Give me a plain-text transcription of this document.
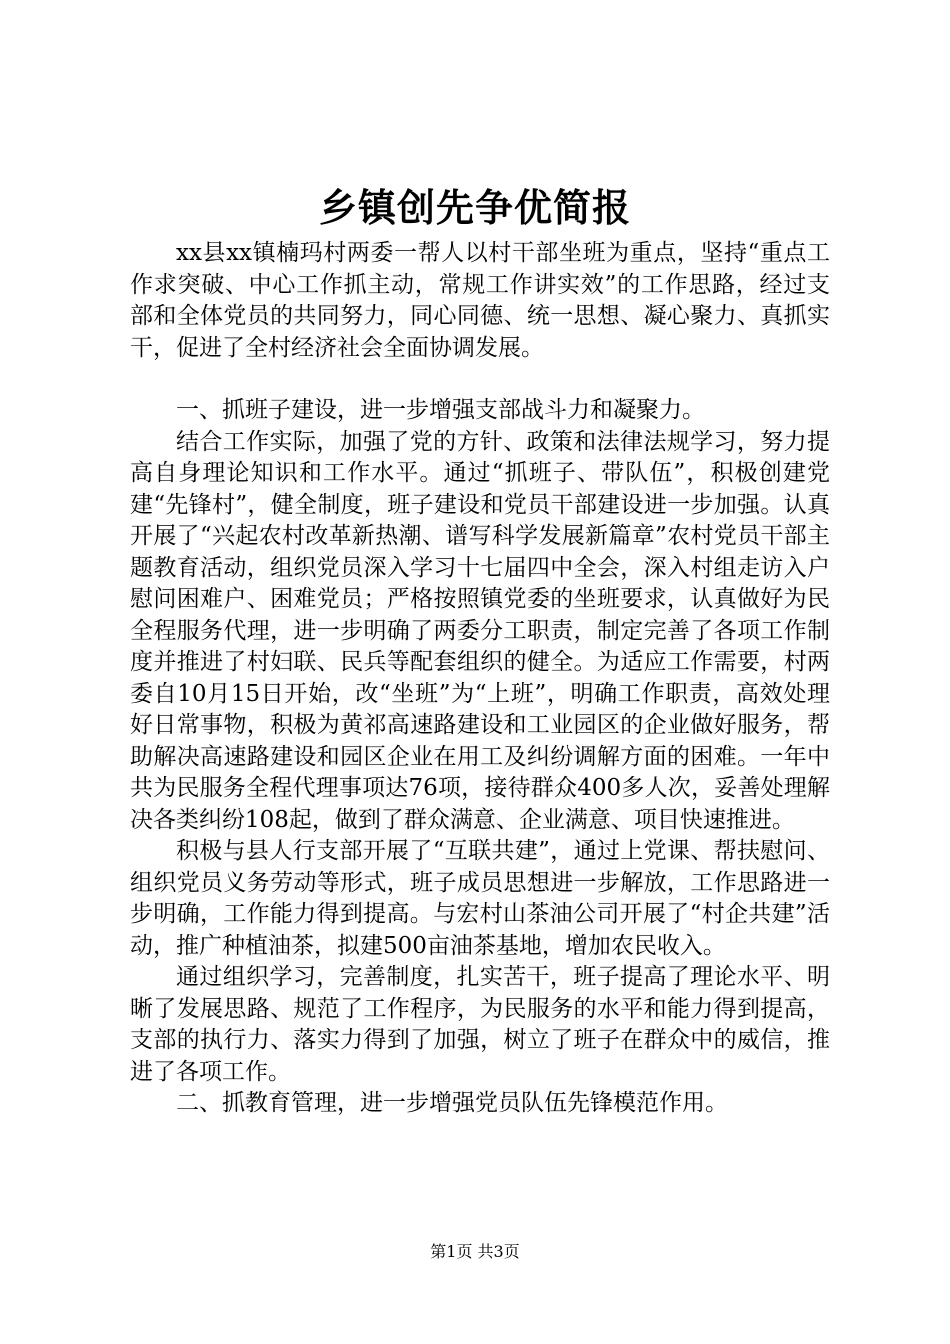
乡镇创先争优简报

xx县xx镇楠玛村两委一帮人以村干部坐班为重点，坚持“重点工作求突破、中心工作抓主动，常规工作讲实效”的工作思路，经过支部和全体党员的共同努力，同心同德、统一思想、凝心聚力、真抓实干，促进了全村经济社会全面协调发展。

一、抓班子建设，进一步增强支部战斗力和凝聚力。

结合工作实际，加强了党的方针、政策和法律法规学习，努力提高自身理论知识和工作水平。通过“抓班子、带队伍”，积极创建党建“先锋村”，健全制度，班子建设和党员干部建设进一步加强。认真开展了“兴起农村改革新热潮、谱写科学发展新篇章”农村党员干部主题教育活动，组织党员深入学习十七届四中全会，深入村组走访入户慰问困难户、困难党员；严格按照镇党委的坐班要求，认真做好为民全程服务代理，进一步明确了两委分工职责，制定完善了各项工作制度并推进了村妇联、民兵等配套组织的健全。为适应工作需要，村两委自10月15日开始，改“坐班”为“上班”，明确工作职责，高效处理好日常事物，积极为黄祁高速路建设和工业园区的企业做好服务，帮助解决高速路建设和园区企业在用工及纠纷调解方面的困难。一年中共为民服务全程代理事项达76项，接待群众400多人次，妥善处理解决各类纠纷108起，做到了群众满意、企业满意、项目快速推进。

积极与县人行支部开展了“互联共建”，通过上党课、帮扶慰问、组织党员义务劳动等形式，班子成员思想进一步解放，工作思路进一步明确，工作能力得到提高。与宏村山茶油公司开展了“村企共建”活动，推广种植油茶，拟建500亩油茶基地，增加农民收入。

通过组织学习，完善制度，扎实苦干，班子提高了理论水平、明晰了发展思路、规范了工作程序，为民服务的水平和能力得到提高，支部的执行力、落实力得到了加强，树立了班子在群众中的威信，推进了各项工作。

二、抓教育管理，进一步增强党员队伍先锋模范作用。

第1页 共3页
